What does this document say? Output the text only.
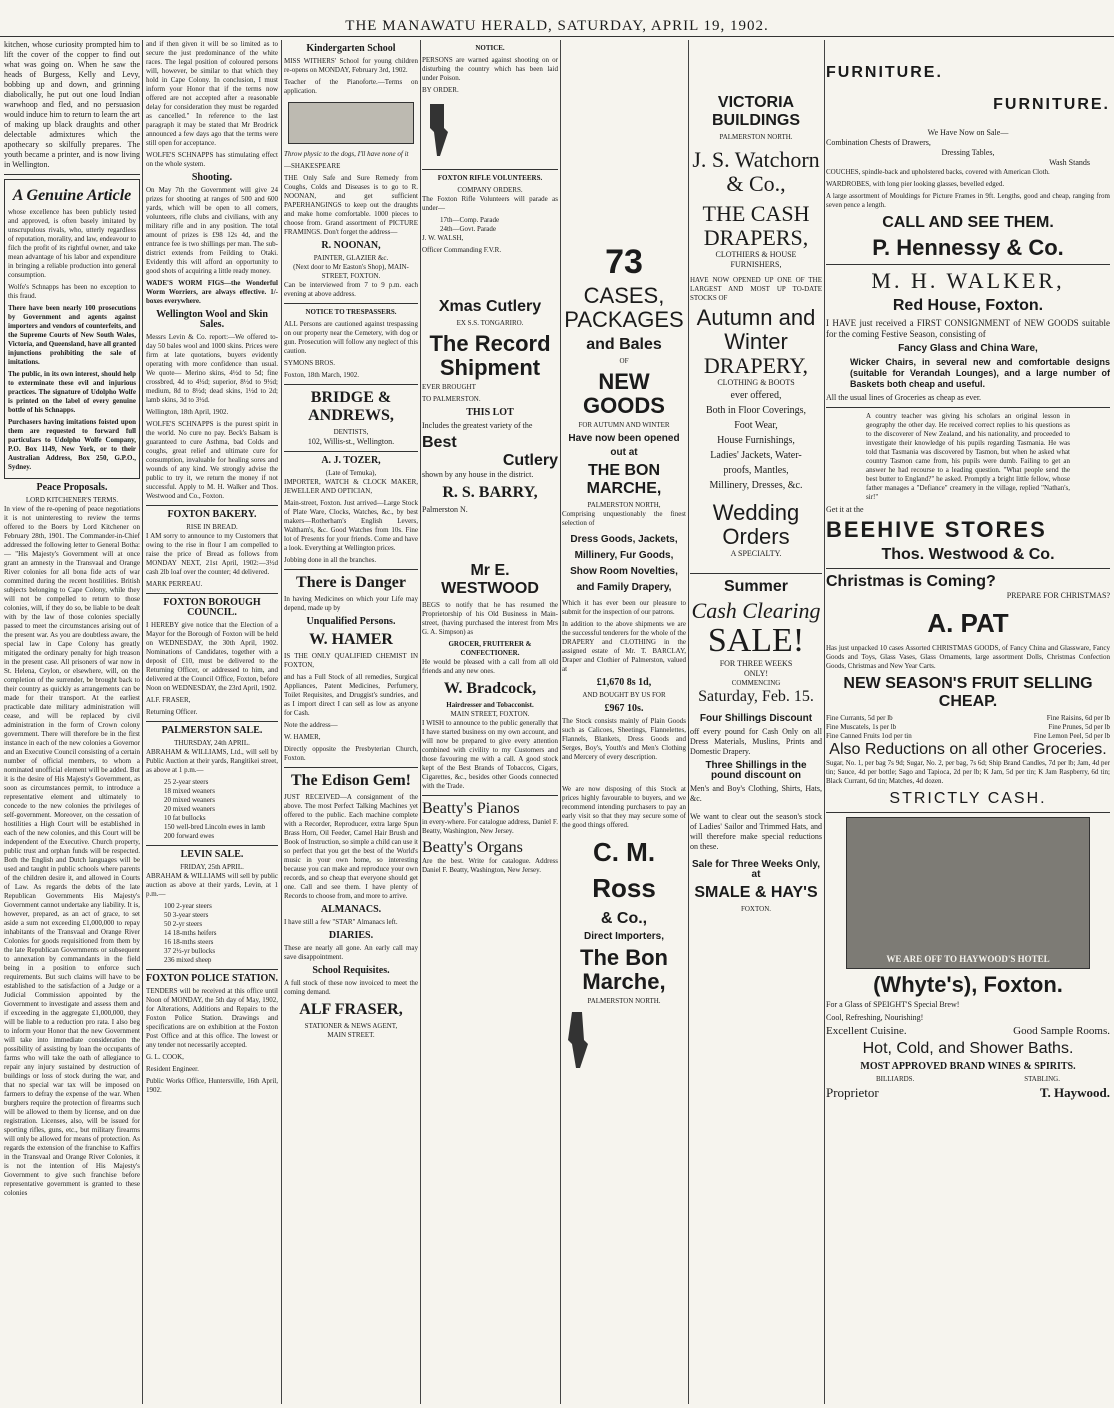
THE MANAWATU HERALD, SATURDAY, APRIL 19, 1902.

kitchen, whose curiosity prompted him to lift the cover of the copper to find out what was going on. When he saw the heads of Burgess, Kelly and Levy, bobbing up and down, and grinning diabolically, he put out one loud Indian warwhoop and fled, and no persuasion would induce him to return to learn the art of making up black draughts and other delectable admixtures which the apothecary so skilfully prepares. The youth became a printer, and is now living in Wellington.

A Genuine Article

whose excellence has been publicly tested and approved, is often basely imitated by unscrupulous rivals, who, utterly regardless of reputation, morality, and law, endeavour to filch the profit of its rightful owner, and take mean advantage of his labor and expenditure in bringing a reliable production into general consumption.

Wolfe's Schnapps has been no exception to this fraud.

There have been nearly 100 prosecutions by Government and agents against importers and vendors of counterfeits, and the Supreme Courts of New South Wales, Victoria, and Queensland, have all granted injunctions prohibiting the sale of imitations.

The public, in its own interest, should help to exterminate these evil and injurious practices. The signature of Udolpho Wolfe is printed on the label of every genuine bottle of his Schnapps.

Purchasers having imitations foisted upon them are requested to forward full particulars to Udolpho Wolfe Company, P.O. Box 1149, New York, or to their Australian Address, Box 250, G.P.O., Sydney.

Peace Proposals.
LORD KITCHENER'S TERMS.

In view of the re-opening of peace negotiations it is not uninteresting to review the terms offered to the Boers by Lord Kitchener on February 28th, 1901. The Commander-in-Chief addressed the following letter to General Botha:— "His Majesty's Government will at once grant an amnesty in the Transvaal and Orange River colonies for all bona fide acts of war committed during the recent hostilities. British subjects belonging to Cape Colony, while they will not be compelled to return to those colonies, will, if they do so, be liable to be dealt with by the law of those colonies specially passed to meet the circumstances arising out of the present war. As you are doubtless aware, the special law in Cape Colony has greatly mitigated the ordinary penalty for high treason in the present case. All prisoners of war now in St. Helena, Ceylon, or elsewhere, will, on the completion of the surrender, be brought back to their country as quickly as arrangements can be made for their transport. At the earliest practicable date military administration will cease, and will be replaced by civil administration in the form of Crown colony government. There will therefore be in the first instance in each of the new colonies a Governor and an Executive Council consisting of a certain number of official members, to whom a nominated unofficial element will be added. But it is the desire of His Majesty's Government, as soon as circumstances permit, to introduce a representative element and ultimately to concede to the new colonies the privileges of self-government. Moreover, on the cessation of hostilities a High Court will be established in each of the new colonies, and this Court will be independent of the Executive. Church property, public trust and orphan funds will be respected. Both the English and Dutch languages will be used and taught in public schools where parents of the children desire it, and allowed in Courts of Law. As regards the debts of the late Republican Governments His Majesty's Government cannot undertake any liability. It is, however, prepared, as an act of grace, to set aside a sum not exceeding £1,000,000 to repay inhabitants of the Transvaal and Orange River Colonies for goods requisitioned from them by the late Republican Governments or subsequent to annexation by commandants in the field being in a position to enforce such requirements. But such claims will have to be established to the satisfaction of a Judge or a Judicial Commission appointed by the Government to investigate and assess them and if exceeding in the aggregate £1,000,000, they will be liable to a reduction pro rata. I also beg to inform your Honor that the new Government will take into immediate consideration the possibility of assisting by loan the occupants of farms who will take the oath of allegiance to repair any injury sustained by destruction of buildings or loss of stock during the war, and that no special war tax will be imposed on farmers to defray the expense of the war. When burghers require the protection of firearms such will be allowed to them by license, and on due registration. Licenses, also, will be issued for sporting rifles, guns, etc., but military firearms will only be allowed for means of protection. As regards the extension of the franchise to Kaffirs in the Transvaal and Orange River Colonies, it is not the intention of His Majesty's Government to give such franchise before representative government is granted to these colonies

and if then given it will be so limited as to secure the just predominance of the white races. The legal position of coloured persons will, however, be similar to that which they hold in Cape Colony. In conclusion, I must inform your Honor that if the terms now offered are not accepted after a reasonable delay for consideration they must be regarded as cancelled." In reference to the last paragraph it may be stated that Mr Brodrick announced a few days ago that the terms were still open for acceptance.

WOLFE'S SCHNAPPS has stimulating effect on the whole system.

Shooting.

On May 7th the Government will give 24 prizes for shooting at ranges of 500 and 600 yards, which will be open to all comers, volunteers, rifle clubs and civilians, with any military rifle and in any position. The total amount of prizes is £98 12s 4d, and the entrance fee is two shillings per man. The sub-district extends from Feilding to Otaki. Evidently this will afford an opportunity to good shots of acquiring a little ready money.

WADE'S WORM FIGS—the Wonderful Worm Worriers, are always effective. 1/- boxes everywhere.

Wellington Wool and Skin Sales.

Messrs Levin & Co. report:—We offered to-day 50 bales wool and 1000 skins. Prices were firm at late quotations, buyers evidently operating with more confidence than usual. We quote— Merino skins, 4½d to 5d; fine crossbred, 4d to 4½d; superior, 8½d to 9½d; medium, 8d to 8½d; dead skins, 1½d to 2d; lamb skins, 3d to 3½d.

Wellington, 18th April, 1902.

WOLFE'S SCHNAPPS is the purest spirit in the world. No cure no pay. Beck's Balsam is guaranteed to cure Asthma, bad Colds and coughs, great relief and ultimate cure for consumption, invaluable for healing sores and wounds of any kind. We strongly advise the public to try it, we return the money if not successful. Apply to M. H. Walker and Thos. Westwood and Co., Foxton.

FOXTON BAKERY.
RISE IN BREAD.

I AM sorry to announce to my Customers that owing to the rise in flour I am compelled to raise the price of Bread as follows from MONDAY NEXT, 21st April, 1902:—3½d cash 2lb loaf over the counter; 4d delivered.

MARK PERREAU.

FOXTON BOROUGH COUNCIL.

I HEREBY give notice that the Election of a Mayor for the Borough of Foxton will be held on WEDNESDAY, the 30th April, 1902. Nominations of Candidates, together with a deposit of £10, must be delivered to the Returning Officer, or addressed to him, and delivered at the Council Office, Foxton, before Noon on WEDNESDAY, the 23rd April, 1902.

ALF. FRASER,

Returning Officer.

PALMERSTON SALE.
THURSDAY, 24th APRIL.

ABRAHAM & WILLIAMS, Ltd., will sell by Public Auction at their yards, Rangitikei street, as above at 1 p.m.—

25 2-year steers
18 mixed weaners
20 mixed weaners
20 mixed weaners
10 fat bullocks
150 well-bred Lincoln ewes in lamb
200 forward ewes
LEVIN SALE.
FRIDAY, 25th APRIL.

ABRAHAM & WILLIAMS will sell by public auction as above at their yards, Levin, at 1 p.m.—

100 2-year steers
50 3-year steers
50 2-yr steers
14 18-mths heifers
16 18-mths steers
37 2½-yr bullocks
236 mixed sheep
FOXTON POLICE STATION.

TENDERS will be received at this office until Noon of MONDAY, the 5th day of May, 1902, for Alterations, Additions and Repairs to the Foxton Police Station. Drawings and specifications are on exhibition at the Foxton Post Office and at this office. The lowest or any tender not necessarily accepted.

G. L. COOK,

Resident Engineer.

Public Works Office, Huntersville, 16th April, 1902.

Kindergarten School

MISS WITHERS' School for young children re-opens on MONDAY, February 3rd, 1902.

Teacher of the Pianoforte.—Terms on application.

Throw physic to the dogs, I'll have none of it

—SHAKESPEARE

THE Only Safe and Sure Remedy from Coughs, Colds and Diseases is to go to R. NOONAN, and get sufficient PAPERHANGINGS to keep out the draughts and make home comfortable. 1000 pieces to choose from. Grand assortment of PICTURE FRAMINGS. Don't forget the address—

R. NOONAN,
PAINTER, GLAZIER &c.
(Next door to Mr Easton's Shop), MAIN-STREET, FOXTON.

Can be interviewed from 7 to 9 p.m. each evening at above address.

NOTICE TO TRESPASSERS.

ALL Persons are cautioned against trespassing on our property near the Cemetery, with dog or gun. Prosecution will follow any neglect of this caution.

SYMONS BROS.

Foxton, 18th March, 1902.

BRIDGE & ANDREWS,
DENTISTS,
102, Willis-st., Wellington.
A. J. TOZER,
(Late of Temuka),

IMPORTER, WATCH & CLOCK MAKER, JEWELLER AND OPTICIAN,

Main-street, Foxton. Just arrived—Large Stock of Plate Ware, Clocks, Watches, &c., by best makers—Rotherham's English Levers, Waltham's, &c. Good Watches from 10s. Fine lot of Presents for your friends. Come and have a look. Everything at Wellington prices.

Jobbing done in all the branches.

There is Danger

In having Medicines on which your Life may depend, made up by

Unqualified Persons.
W. HAMER

IS THE ONLY QUALIFIED CHEMIST IN FOXTON,

and has a Full Stock of all remedies, Surgical Appliances, Patent Medicines, Perfumery, Toilet Requisites, and Druggist's sundries, and as I import direct I can sell as low as anyone for Cash.

Note the address—

W. HAMER,

Directly opposite the Presbyterian Church, Foxton.

The Edison Gem!

JUST RECEIVED—A consignment of the above. The most Perfect Talking Machines yet offered to the public. Each machine complete with a Recorder, Reproducer, extra large Spun Brass Horn, Oil Feeder, Camel Hair Brush and Book of Instruction, so simple a child can use it so perfect that you get the best of the World's music in your own home, so interesting because you can make and reproduce your own records, and so cheap that everyone should get one. Call and see them. I have plenty of Records to choose from, and more to arrive.

ALMANACS.

I have still a few "STAR" Almanacs left.

DIARIES.

These are nearly all gone. An early call may save disappointment.

School Requisites.

A full stock of these now invoiced to meet the coming demand.

ALF FRASER,
STATIONER & NEWS AGENT,
MAIN STREET.
NOTICE.

PERSONS are warned against shooting on or disturbing the country which has been laid under Poison.

BY ORDER.

FOXTON RIFLE VOLUNTEERS.
COMPANY ORDERS.

The Foxton Rifle Volunteers will parade as under—

17th—Comp. Parade
24th—Govt. Parade

J. W. WALSH,

Officer Commanding F.V.R.

Xmas Cutlery
EX S.S. TONGARIRO.
The Record Shipment

EVER BROUGHT

TO PALMERSTON.

THIS LOT

Includes the greatest variety of the

Best
Cutlery

shown by any house in the district.

R. S. BARRY,

Palmerston N.

Mr E. WESTWOOD

BEGS to notify that he has resumed the Proprietorship of his Old Business in Main-street, (having purchased the interest from Mrs G. A. Simpson) as

GROCER, FRUITERER & CONFECTIONER.

He would be pleased with a call from all old friends and any new ones.

W. Bradcock,
Hairdresser and Tobacconist.
MAIN STREET, FOXTON.

I WISH to announce to the public generally that I have started business on my own account, and will now be prepared to give every attention combined with civility to my Customers and those favouring me with a call. A good stock kept of the Best Brands of Tobaccos, Cigars, Cigarettes, &c., besides other Goods connected with the Trade.

Beatty's Pianos

in every-where. For catalogue address, Daniel F. Beatty, Washington, New Jersey.

Beatty's Organs

Are the best. Write for catalogue. Address Daniel F. Beatty, Washington, New Jersey.

73
CASES, PACKAGES
and Bales
OF
NEW GOODS
FOR AUTUMN AND WINTER
Have now been opened
out at
THE BON MARCHE,
PALMERSTON NORTH,

Comprising unquestionably the finest selection of

Dress Goods, Jackets, Millinery, Fur Goods, Show Room Novelties, and Family Drapery,

Which it has ever been our pleasure to submit for the inspection of our patrons.

In addition to the above shipments we are the successful tenderers for the whole of the DRAPERY and CLOTHING in the assigned estate of Mr. T. BARCLAY, Draper and Clothier of Palmerston, valued at

£1,670 8s 1d,
AND BOUGHT BY US FOR
£967 10s.

The Stock consists mainly of Plain Goods such as Calicoes, Sheetings, Flannelettes, Flannels, Blankets, Dress Goods and Serges, Boy's, Youth's and Men's Clothing and Mercery of every description.

We are now disposing of this Stock at prices highly favourable to buyers, and we recommend intending purchasers to pay an early visit so that they may secure some of the good things offered.

C. M. Ross
& Co.,
Direct Importers,
The Bon Marche,
PALMERSTON NORTH.
VICTORIA BUILDINGS
PALMERSTON NORTH.
J. S. Watchorn
& Co.,
THE CASH
DRAPERS,
CLOTHIERS & HOUSE
FURNISHERS,

HAVE NOW OPENED UP ONE OF THE LARGEST AND MOST UP TO-DATE STOCKS OF

Autumn and Winter
DRAPERY,
CLOTHING & BOOTS
ever offered,
Both in Floor Coverings,
Foot Wear,
House Furnishings,
Ladies' Jackets, Water-
proofs, Mantles,
Millinery, Dresses, &c.
Wedding Orders
A SPECIALTY.
Summer
Cash Clearing
SALE!
FOR THREE WEEKS
ONLY!
COMMENCING
Saturday, Feb. 15.
Four Shillings Discount

off every pound for Cash Only on all Dress Materials, Muslins, Prints and Domestic Drapery.

Three Shillings in the pound discount on

Men's and Boy's Clothing, Shirts, Hats, &c.

We want to clear out the season's stock of Ladies' Sailor and Trimmed Hats, and will therefore make special reductions on these.

Sale for Three Weeks Only, at
SMALE & HAY'S
FOXTON.
FURNITURE.
FURNITURE.
We Have Now on Sale—
Combination Chests of Drawers,
Dressing Tables,
Wash Stands

COUCHES, spindle-back and upholstered backs, covered with American Cloth.

WARDROBES, with long pier looking glasses, bevelled edged.

A large assortment of Mouldings for Picture Frames in 9ft. Lengths, good and cheap, ranging from seven pence a length.

CALL AND SEE THEM.
P. Hennessy & Co.
M. H. WALKER,
Red House, Foxton.

I HAVE just received a FIRST CONSIGNMENT of NEW GOODS suitable for the coming Festive Season, consisting of

Fancy Glass and China Ware,

Wicker Chairs, in several new and comfortable designs (suitable for Verandah Lounges), and a large number of Baskets both cheap and useful.

All the usual lines of Groceries as cheap as ever.

A country teacher was giving his scholars an original lesson in geography the other day. He received correct replies to his questions as to the discoverer of New Zealand, and his nationality, and proceeded to investigate their knowledge of his pupils regarding Tasmania. He was told that Tasmania was discovered by Tasmon, but when he asked what country Tasmon came from, his pupils were dumb. Failing to get an answer he had recourse to a leading question. "What people send the best butter to England?" he asked. Promptly a bright little fellow, whose father manages a "Defiance" creamery in the village, replied "Nathan's, sir!"

Get it at the

BEEHIVE STORES
Thos. Westwood & Co.
Christmas is Coming?
PREPARE FOR CHRISTMAS?
A. PAT

Has just unpacked 10 cases Assorted CHRISTMAS GOODS, of Fancy China and Glassware, Fancy Goods and Toys, Glass Vases, Glass Ornaments, large assortment Dolls, Christmas Confection Goods, Christmas and New Year Carts.

NEW SEASON'S FRUIT SELLING CHEAP.
Fine Currants, 5d per lb	Fine Raisins, 6d per lb
Fine Muscatels, 1s per lb	Fine Prunes, 5d per lb
Fine Canned Fruits 1od per tin	Fine Lemon Peel, 5d per lb
Also Reductions on all other Groceries.

Sugar, No. 1, per bag 7s 9d; Sugar, No. 2, per bag, 7s 6d; Ship Brand Candles, 7d per lb; Jam, 4d per tin; Sauce, 4d per bottle; Sago and Tapioca, 2d per lb; K Jam, 5d per tin; K Jam Raspberry, 6d tin; Black Currant, 6d tin; Matches, 4d dozen.

STRICTLY CASH.
WE ARE OFF TO HAYWOOD'S HOTEL
(Whyte's), Foxton.

For a Glass of SPEIGHT'S Special Brew!

Cool, Refreshing, Nourishing!

Excellent Cuisine.	Good Sample Rooms.
Hot, Cold, and Shower Baths.
MOST APPROVED BRAND WINES & SPIRITS.
BILLIARDS.	STABLING.
Proprietor	T. Haywood.
